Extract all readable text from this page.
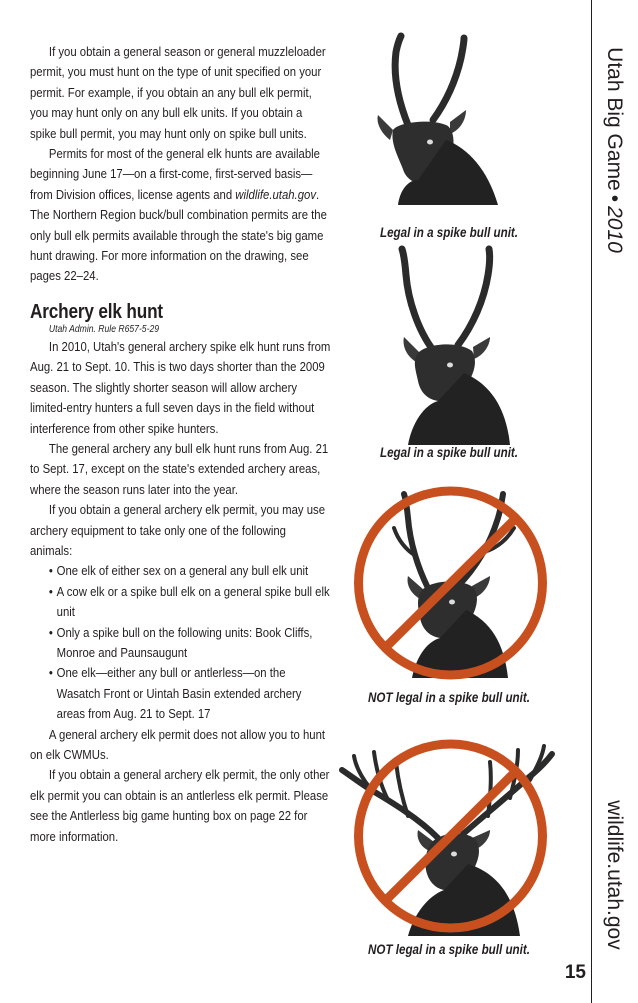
If you obtain a general season or general muzzleloader permit, you must hunt on the type of unit specified on your permit. For example, if you obtain an any bull elk permit, you may hunt only on any bull elk units. If you obtain a spike bull permit, you may hunt only on spike bull units.

Permits for most of the general elk hunts are available beginning June 17—on a first-come, first-served basis—from Division offices, license agents and wildlife.utah.gov. The Northern Region buck/bull combination permits are the only bull elk permits available through the state's big game hunt drawing. For more information on the drawing, see pages 22–24.

Archery elk hunt

Utah Admin. Rule R657-5-29

In 2010, Utah's general archery spike elk hunt runs from Aug. 21 to Sept. 10. This is two days shorter than the 2009 season. The slightly shorter season will allow archery limited-entry hunters a full seven days in the field without interference from other spike hunters.

The general archery any bull elk hunt runs from Aug. 21 to Sept. 17, except on the state's extended archery areas, where the season runs later into the year.

If you obtain a general archery elk permit, you may use archery equipment to take only one of the following animals:

• One elk of either sex on a general any bull elk unit
• A cow elk or a spike bull elk on a general spike bull elk unit
• Only a spike bull on the following units: Book Cliffs, Monroe and Paunsaugunt
• One elk—either any bull or antlerless—on the Wasatch Front or Uintah Basin extended archery areas from Aug. 21 to Sept. 17

A general archery elk permit does not allow you to hunt on elk CWMUs.

If you obtain a general archery elk permit, the only other elk permit you can obtain is an antlerless elk permit. Please see the Antlerless big game hunting box on page 22 for more information.

Legal in a spike bull unit.
Legal in a spike bull unit.
NOT legal in a spike bull unit.
NOT legal in a spike bull unit.
Utah Big Game•2010
wildlife.utah.gov
15
